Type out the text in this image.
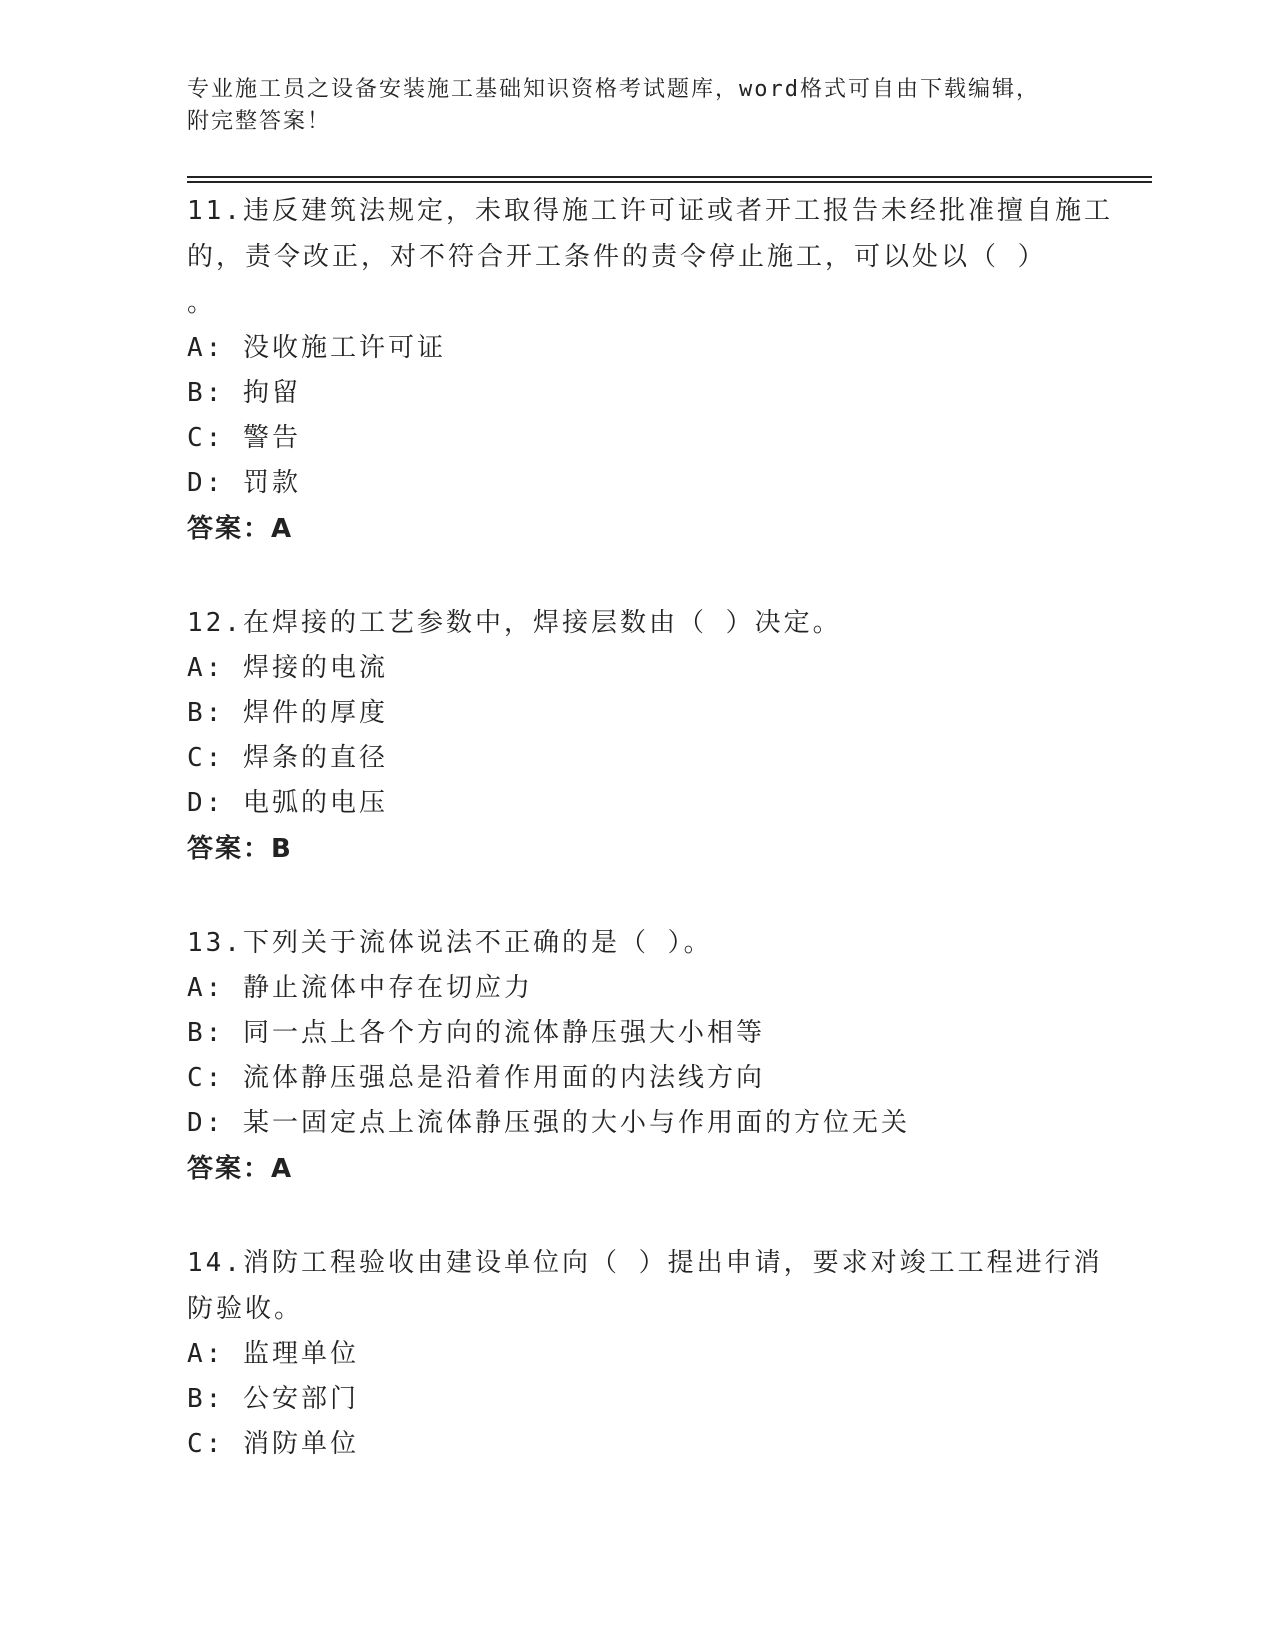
专业施工员之设备安装施工基础知识资格考试题库，word格式可自由下载编辑，
附完整答案！
11.违反建筑法规定，未取得施工许可证或者开工报告未经批准擅自施工的，责令改正，对不符合开工条件的责令停止施工，可以处以（ ）
。
A: 没收施工许可证
B: 拘留
C: 警告
D: 罚款
答案：A
12.在焊接的工艺参数中，焊接层数由（ ）决定。
A: 焊接的电流
B: 焊件的厚度
C: 焊条的直径
D: 电弧的电压
答案：B
13.下列关于流体说法不正确的是（ ）。
A: 静止流体中存在切应力
B: 同一点上各个方向的流体静压强大小相等
C: 流体静压强总是沿着作用面的内法线方向
D: 某一固定点上流体静压强的大小与作用面的方位无关
答案：A
14.消防工程验收由建设单位向（ ）提出申请，要求对竣工工程进行消防验收。
A: 监理单位
B: 公安部门
C: 消防单位
